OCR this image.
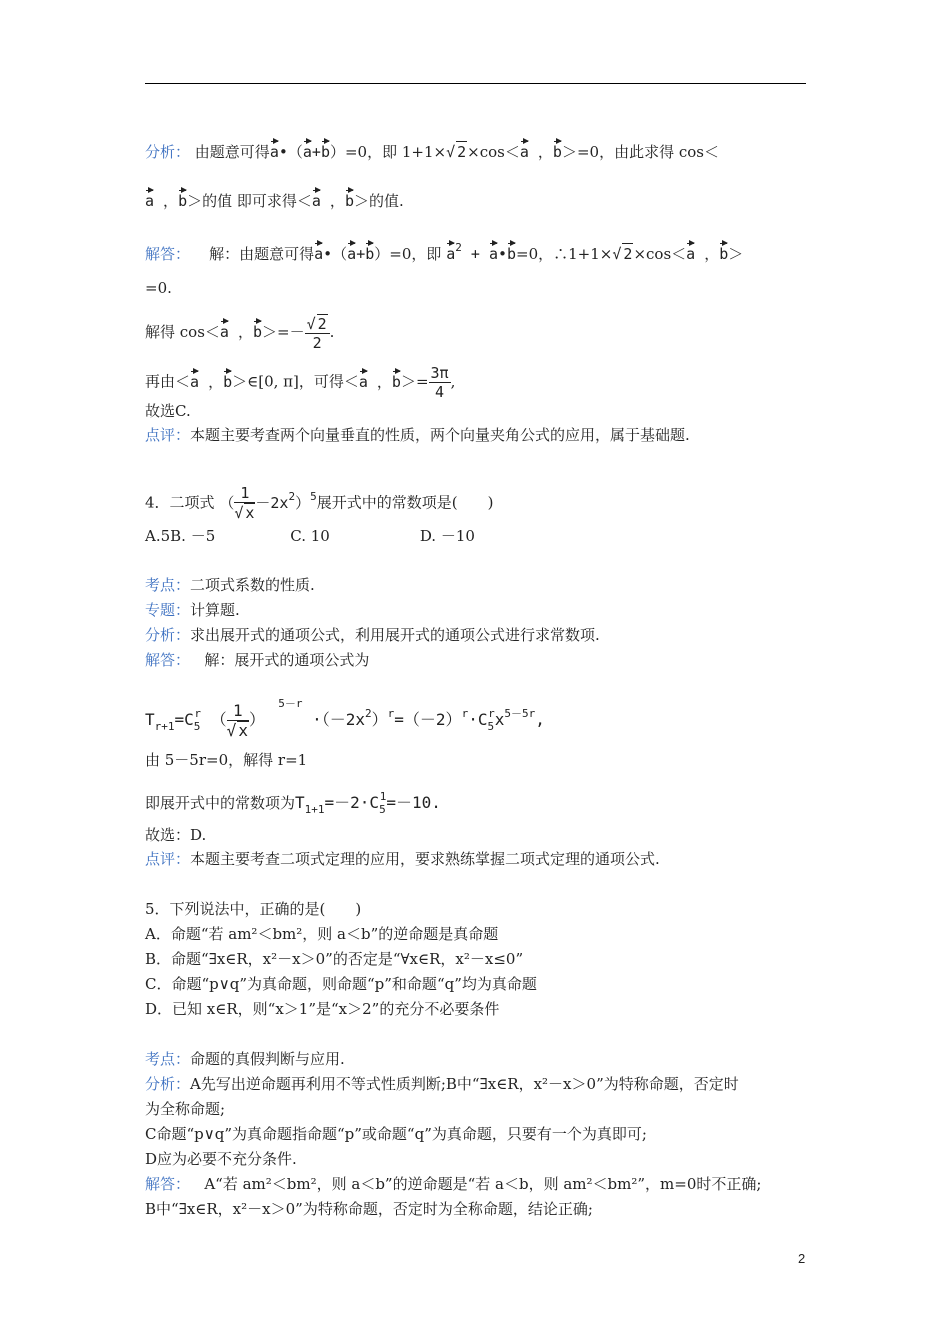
分析： 由题意可得a•（a+b）=0，即 1+1×√ 2×cos＜a ，b＞=0，由此求得 cos＜
a ，b＞的值 即可求得＜a ，b＞的值.
解答： 解：由题意可得a•（a+b）=0，即 $a^2$ + a•b=0，∴1+1×√ 2×cos＜a ，b＞
=0.
解得 cos＜a ，$b>=- \frac{√ 2}{2}$ .
再由＜a ，b＞∈[0, π]，可得＜a ，$b>= \frac{3\pi}{4}$ ,
故选C.
点评：本题主要考查两个向量垂直的性质，两个向量夹角公式的应用，属于基础题.
4．二项式 （ $\frac{1}{√ x} -2x^2)^5$展开式中的常数项是(　　)
A.5B. －5　　　　　C. 10　　　　　　D. －10
考点：二项式系数的性质.
专题：计算题.
分析：求出展开式的通项公式，利用展开式的通项公式进行求常数项.
解答： 解：展开式的通项公式为
$T_{r+1}=C_5^r$ （ $\frac{1}{√ x}$ ）  $^{5-r} \cdot(-2x^2)^r=(-2)^r\cdot C_5^rx^{5-5r}$,
由 5－5r=0，解得 r=1
即展开式中的常数项为$T_{1+1}=-2\cdot C_5^1=-10$.
故选：D.
点评：本题主要考查二项式定理的应用，要求熟练掌握二项式定理的通项公式.
5．下列说法中，正确的是(　　)
A．命题“若 am²＜bm²，则 a＜b”的逆命题是真命题
B．命题“∃x∈R，x²－x＞0”的否定是“∀x∈R，x²－x≤0”
C．命题“p∨q”为真命题，则命题“p”和命题“q”均为真命题
D．已知 x∈R，则“x＞1”是“x＞2”的充分不必要条件
考点：命题的真假判断与应用.
分析：A先写出逆命题再利用不等式性质判断;B中“∃x∈R，x²－x＞0”为特称命题，否定时
为全称命题;
C命题“p∨q”为真命题指命题“p”或命题“q”为真命题，只要有一个为真即可;
D应为必要不充分条件.
解答： A“若 am²＜bm²，则 a＜b”的逆命题是“若 a＜b，则 am²＜bm²”，m=0时不正确;
B中“∃x∈R，x²－x＞0”为特称命题，否定时为全称命题，结论正确;
2
